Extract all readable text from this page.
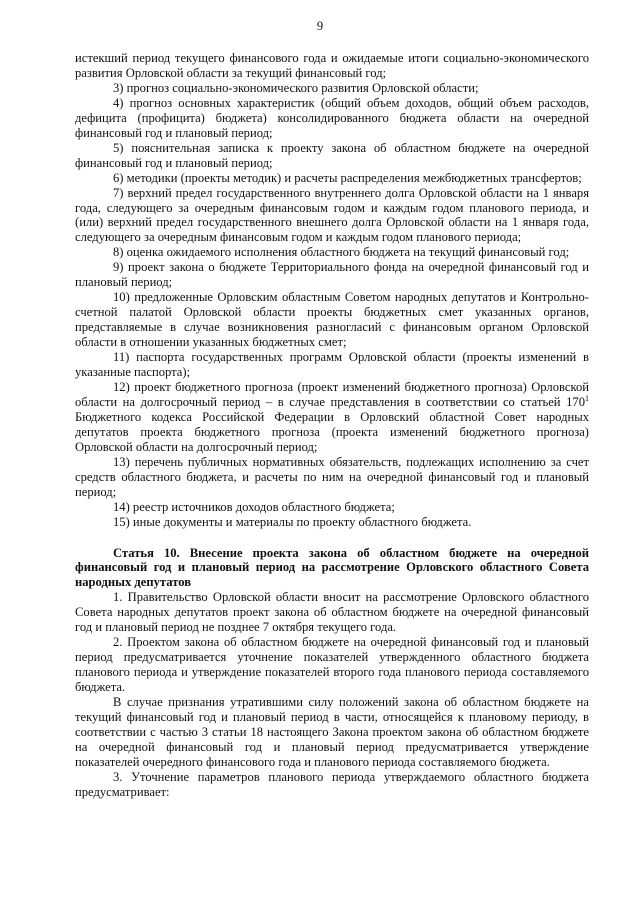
9

истекший период текущего финансового года и ожидаемые итоги социально-экономического развития Орловской области за текущий финансовый год;

3) прогноз социально-экономического развития Орловской области;

4) прогноз основных характеристик (общий объем доходов, общий объем расходов, дефицита (профицита) бюджета) консолидированного бюджета области на очередной финансовый год и плановый период;

5) пояснительная записка к проекту закона об областном бюджете на очередной финансовый год и плановый период;

6) методики (проекты методик) и расчеты распределения межбюджетных трансфертов;

7) верхний предел государственного внутреннего долга Орловской области на 1 января года, следующего за очередным финансовым годом и каждым годом планового периода, и (или) верхний предел государственного внешнего долга Орловской области на 1 января года, следующего за очередным финансовым годом и каждым годом планового периода;

8) оценка ожидаемого исполнения областного бюджета на текущий финансовый год;

9) проект закона о бюджете Территориального фонда на очередной финансовый год и плановый период;

10) предложенные Орловским областным Советом народных депутатов и Контрольно-счетной палатой Орловской области проекты бюджетных смет указанных органов, представляемые в случае возникновения разногласий с финансовым органом Орловской области в отношении указанных бюджетных смет;

11) паспорта государственных программ Орловской области (проекты изменений в указанные паспорта);

12) проект бюджетного прогноза (проект изменений бюджетного прогноза) Орловской области на долгосрочный период – в случае представления в соответствии со статьей $170^1$ Бюджетного кодекса Российской Федерации в Орловский областной Совет народных депутатов проекта бюджетного прогноза (проекта изменений бюджетного прогноза) Орловской области на долгосрочный период;

13) перечень публичных нормативных обязательств, подлежащих исполнению за счет средств областного бюджета, и расчеты по ним на очередной финансовый год и плановый период;

14) реестр источников доходов областного бюджета;

15) иные документы и материалы по проекту областного бюджета.

Статья 10. Внесение проекта закона об областном бюджете на очередной финансовый год и плановый период на рассмотрение Орловского областного Совета народных депутатов

1. Правительство Орловской области вносит на рассмотрение Орловского областного Совета народных депутатов проект закона об областном бюджете на очередной финансовый год и плановый период не позднее 7 октября текущего года.

2. Проектом закона об областном бюджете на очередной финансовый год и плановый период предусматривается уточнение показателей утвержденного областного бюджета планового периода и утверждение показателей второго года планового периода составляемого бюджета.

В случае признания утратившими силу положений закона об областном бюджете на текущий финансовый год и плановый период в части, относящейся к плановому периоду, в соответствии с частью 3 статьи 18 настоящего Закона проектом закона об областном бюджете на очередной финансовый год и плановый период предусматривается утверждение показателей очередного финансового года и планового периода составляемого бюджета.

3. Уточнение параметров планового периода утверждаемого областного бюджета предусматривает:
